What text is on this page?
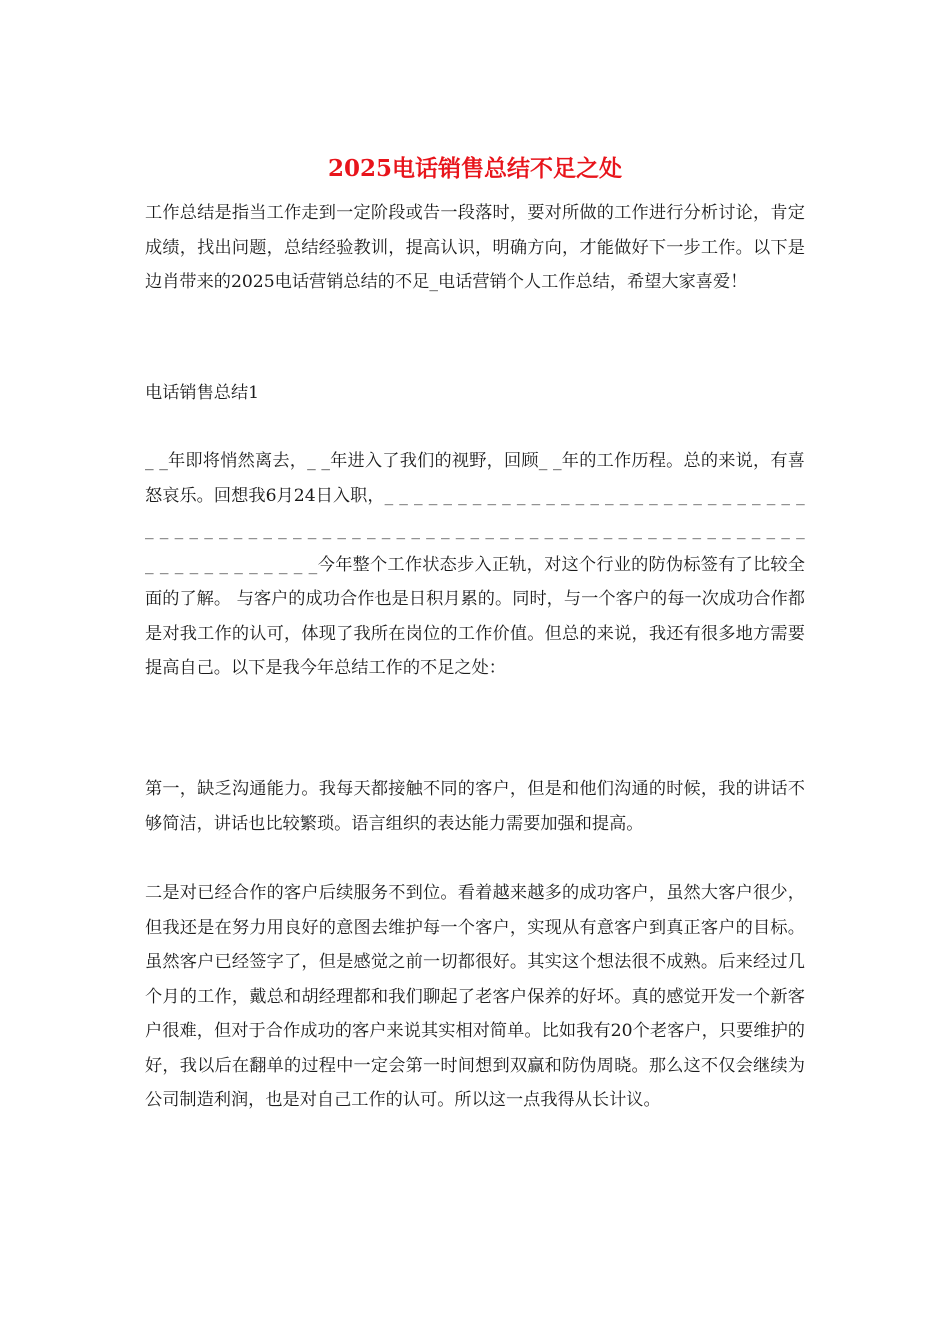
2025电话销售总结不足之处

工作总结是指当工作走到一定阶段或告一段落时，要对所做的工作进行分析讨论，肯定成绩，找出问题，总结经验教训，提高认识，明确方向，才能做好下一步工作。以下是边肖带来的2025电话营销总结的不足_电话营销个人工作总结，希望大家喜爱！

电话销售总结1

_ _年即将悄然离去，_ _年进入了我们的视野，回顾_ _年的工作历程。总的来说，有喜怒哀乐。回想我6月24日入职，_ _ _ _ _ _ _ _ _ _ _ _ _ _ _ _ _ _ _ _ _ _ _ _ _ _ _ _ _ _ _ _ _ _ _ _ _ _ _ _ _ _ _ _ _ _ _ _ _ _ _ _ _ _ _ _ _ _ _ _ _ _ _ _ _ _ _ _ _ _ _ _ _ _ _ _ _ _ _ _ _ _ _ _ _ _今年整个工作状态步入正轨，对这个行业的防伪标签有了比较全面的了解。 与客户的成功合作也是日积月累的。同时，与一个客户的每一次成功合作都是对我工作的认可，体现了我所在岗位的工作价值。但总的来说，我还有很多地方需要提高自己。以下是我今年总结工作的不足之处：

第一，缺乏沟通能力。我每天都接触不同的客户，但是和他们沟通的时候，我的讲话不够简洁，讲话也比较繁琐。语言组织的表达能力需要加强和提高。

二是对已经合作的客户后续服务不到位。看着越来越多的成功客户，虽然大客户很少，但我还是在努力用良好的意图去维护每一个客户，实现从有意客户到真正客户的目标。虽然客户已经签字了，但是感觉之前一切都很好。其实这个想法很不成熟。后来经过几个月的工作，戴总和胡经理都和我们聊起了老客户保养的好坏。真的感觉开发一个新客户很难，但对于合作成功的客户来说其实相对简单。比如我有20个老客户，只要维护的好，我以后在翻单的过程中一定会第一时间想到双赢和防伪周晓。那么这不仅会继续为公司制造利润，也是对自己工作的认可。所以这一点我得从长计议。
